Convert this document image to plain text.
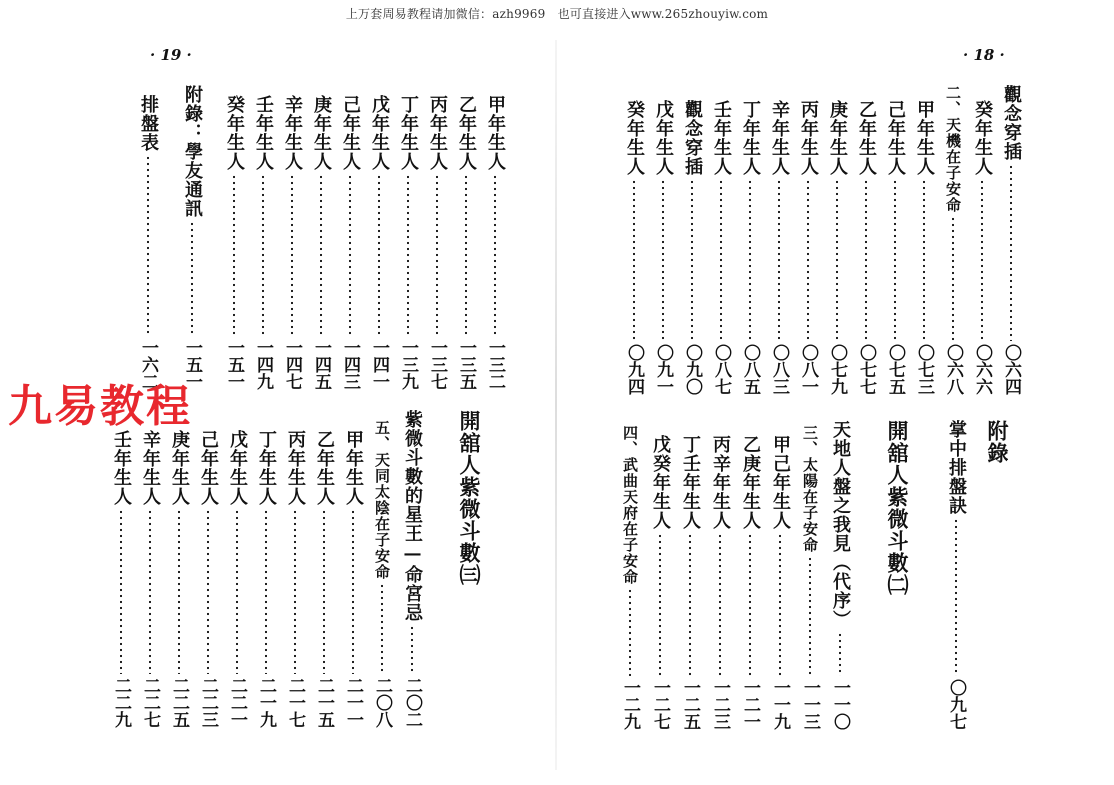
上万套周易教程请加微信：azh9969　也可直接进入www.265zhouyiw.com
· 19 ·	· 18 ·
觀念穿插
〇六四
癸年生人
〇六六
二、天機在子安命
〇六八
甲年生人
〇七三
己年生人
〇七五
乙年生人
〇七七
庚年生人
〇七九
丙年生人
〇八一
辛年生人
〇八三
丁年生人
〇八五
壬年生人
〇八七
觀念穿插
〇九〇
戊年生人
〇九一
癸年生人
〇九四
附錄
掌中排盤訣
〇九七
開舘人紫微斗數㈡
天地人盤之我見（代序）
一一〇
三、太陽在子安命
一一三
甲己年生人
一一九
乙庚年生人
一二一
丙辛年生人
一二三
丁壬年生人
一二五
戊癸年生人
一二七
四、武曲天府在子安命
一二九
甲年生人
一三二
乙年生人
一三五
丙年生人
一三七
丁年生人
一三九
戊年生人
一四一
己年生人
一四三
庚年生人
一四五
辛年生人
一四七
壬年生人
一四九
癸年生人
一五一
附錄：學友通訊
一五一
排盤表
一六二
開舘人紫微斗數㈢
紫微斗數的星王—命宮忌
二〇二
五、天同太陰在子安命
二〇八
甲年生人
二一一
乙年生人
二一五
丙年生人
二一七
丁年生人
二一九
戊年生人
二二一
己年生人
二二三
庚年生人
二二五
辛年生人
二二七
壬年生人
二二九
九易教程
